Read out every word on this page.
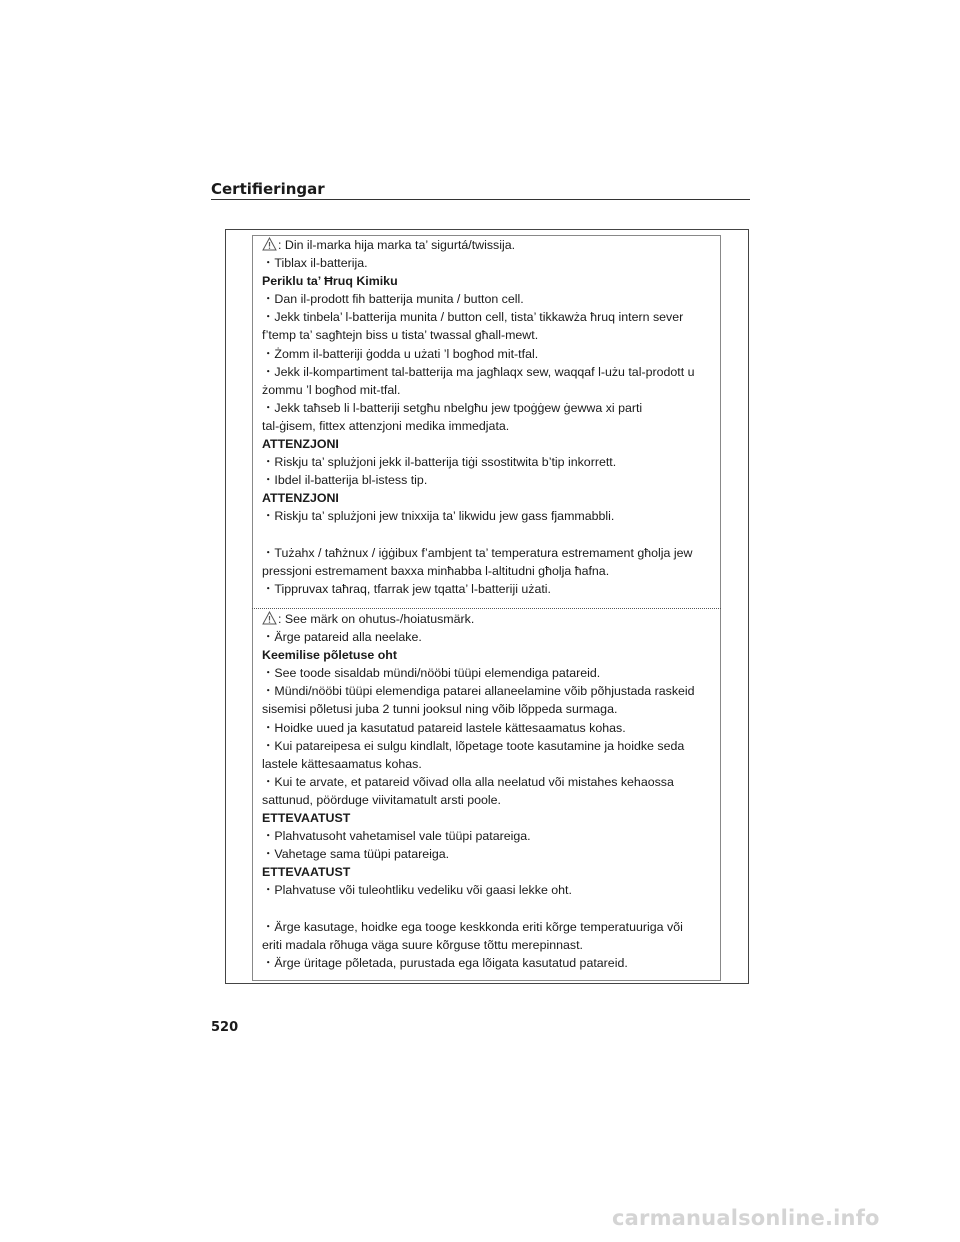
Certifieringar
: Din il-marka hija marka ta’ sigurtá/twissija.
・Tiblax il-batterija.
Periklu ta’ Ħruq Kimiku
・Dan il-prodott fih batterija munita / button cell.
・Jekk tinbela’ l-batterija munita / button cell, tista’ tikkawża ħruq intern sever
f’temp ta’ sagħtejn biss u tista’ twassal għall-mewt.
・Żomm il-batteriji ġodda u użati ’l bogħod mit-tfal.
・Jekk il-kompartiment tal-batterija ma jagħlaqx sew, waqqaf l-użu tal-prodott u
żommu ’l bogħod mit-tfal.
・Jekk taħseb li l-batteriji setgħu nbelgħu jew tpoġġew ġewwa xi parti
tal-ġisem, fittex attenzjoni medika immedjata.
ATTENZJONI
・Riskju ta’ splużjoni jekk il-batterija tiġi ssostitwita b’tip inkorrett.
・Ibdel il-batterija bl-istess tip.
ATTENZJONI
・Riskju ta’ splużjoni jew tnixxija ta’ likwidu jew gass fjammabbli.
・Tużahx / taħżnux / iġġibux f’ambjent ta’ temperatura estremament għolja jew
pressjoni estremament baxxa minħabba l-altitudni għolja ħafna.
・Tippruvax taħraq, tfarrak jew tqatta’ l-batteriji użati.
: See märk on ohutus-/hoiatusmärk.
・Ärge patareid alla neelake.
Keemilise põletuse oht
・See toode sisaldab mündi/nööbi tüüpi elemendiga patareid.
・Mündi/nööbi tüüpi elemendiga patarei allaneelamine võib põhjustada raskeid
sisemisi põletusi juba 2 tunni jooksul ning võib lõppeda surmaga.
・Hoidke uued ja kasutatud patareid lastele kättesaamatus kohas.
・Kui patareipesa ei sulgu kindlalt, lõpetage toote kasutamine ja hoidke seda
lastele kättesaamatus kohas.
・Kui te arvate, et patareid võivad olla alla neelatud või mistahes kehaossa
sattunud, pöörduge viivitamatult arsti poole.
ETTEVAATUST
・Plahvatusoht vahetamisel vale tüüpi patareiga.
・Vahetage sama tüüpi patareiga.
ETTEVAATUST
・Plahvatuse või tuleohtliku vedeliku või gaasi lekke oht.
・Ärge kasutage, hoidke ega tooge keskkonda eriti kõrge temperatuuriga või
eriti madala rõhuga väga suure kõrguse tõttu merepinnast.
・Ärge üritage põletada, purustada ega lõigata kasutatud patareid.
520
carmanualsonline.info
